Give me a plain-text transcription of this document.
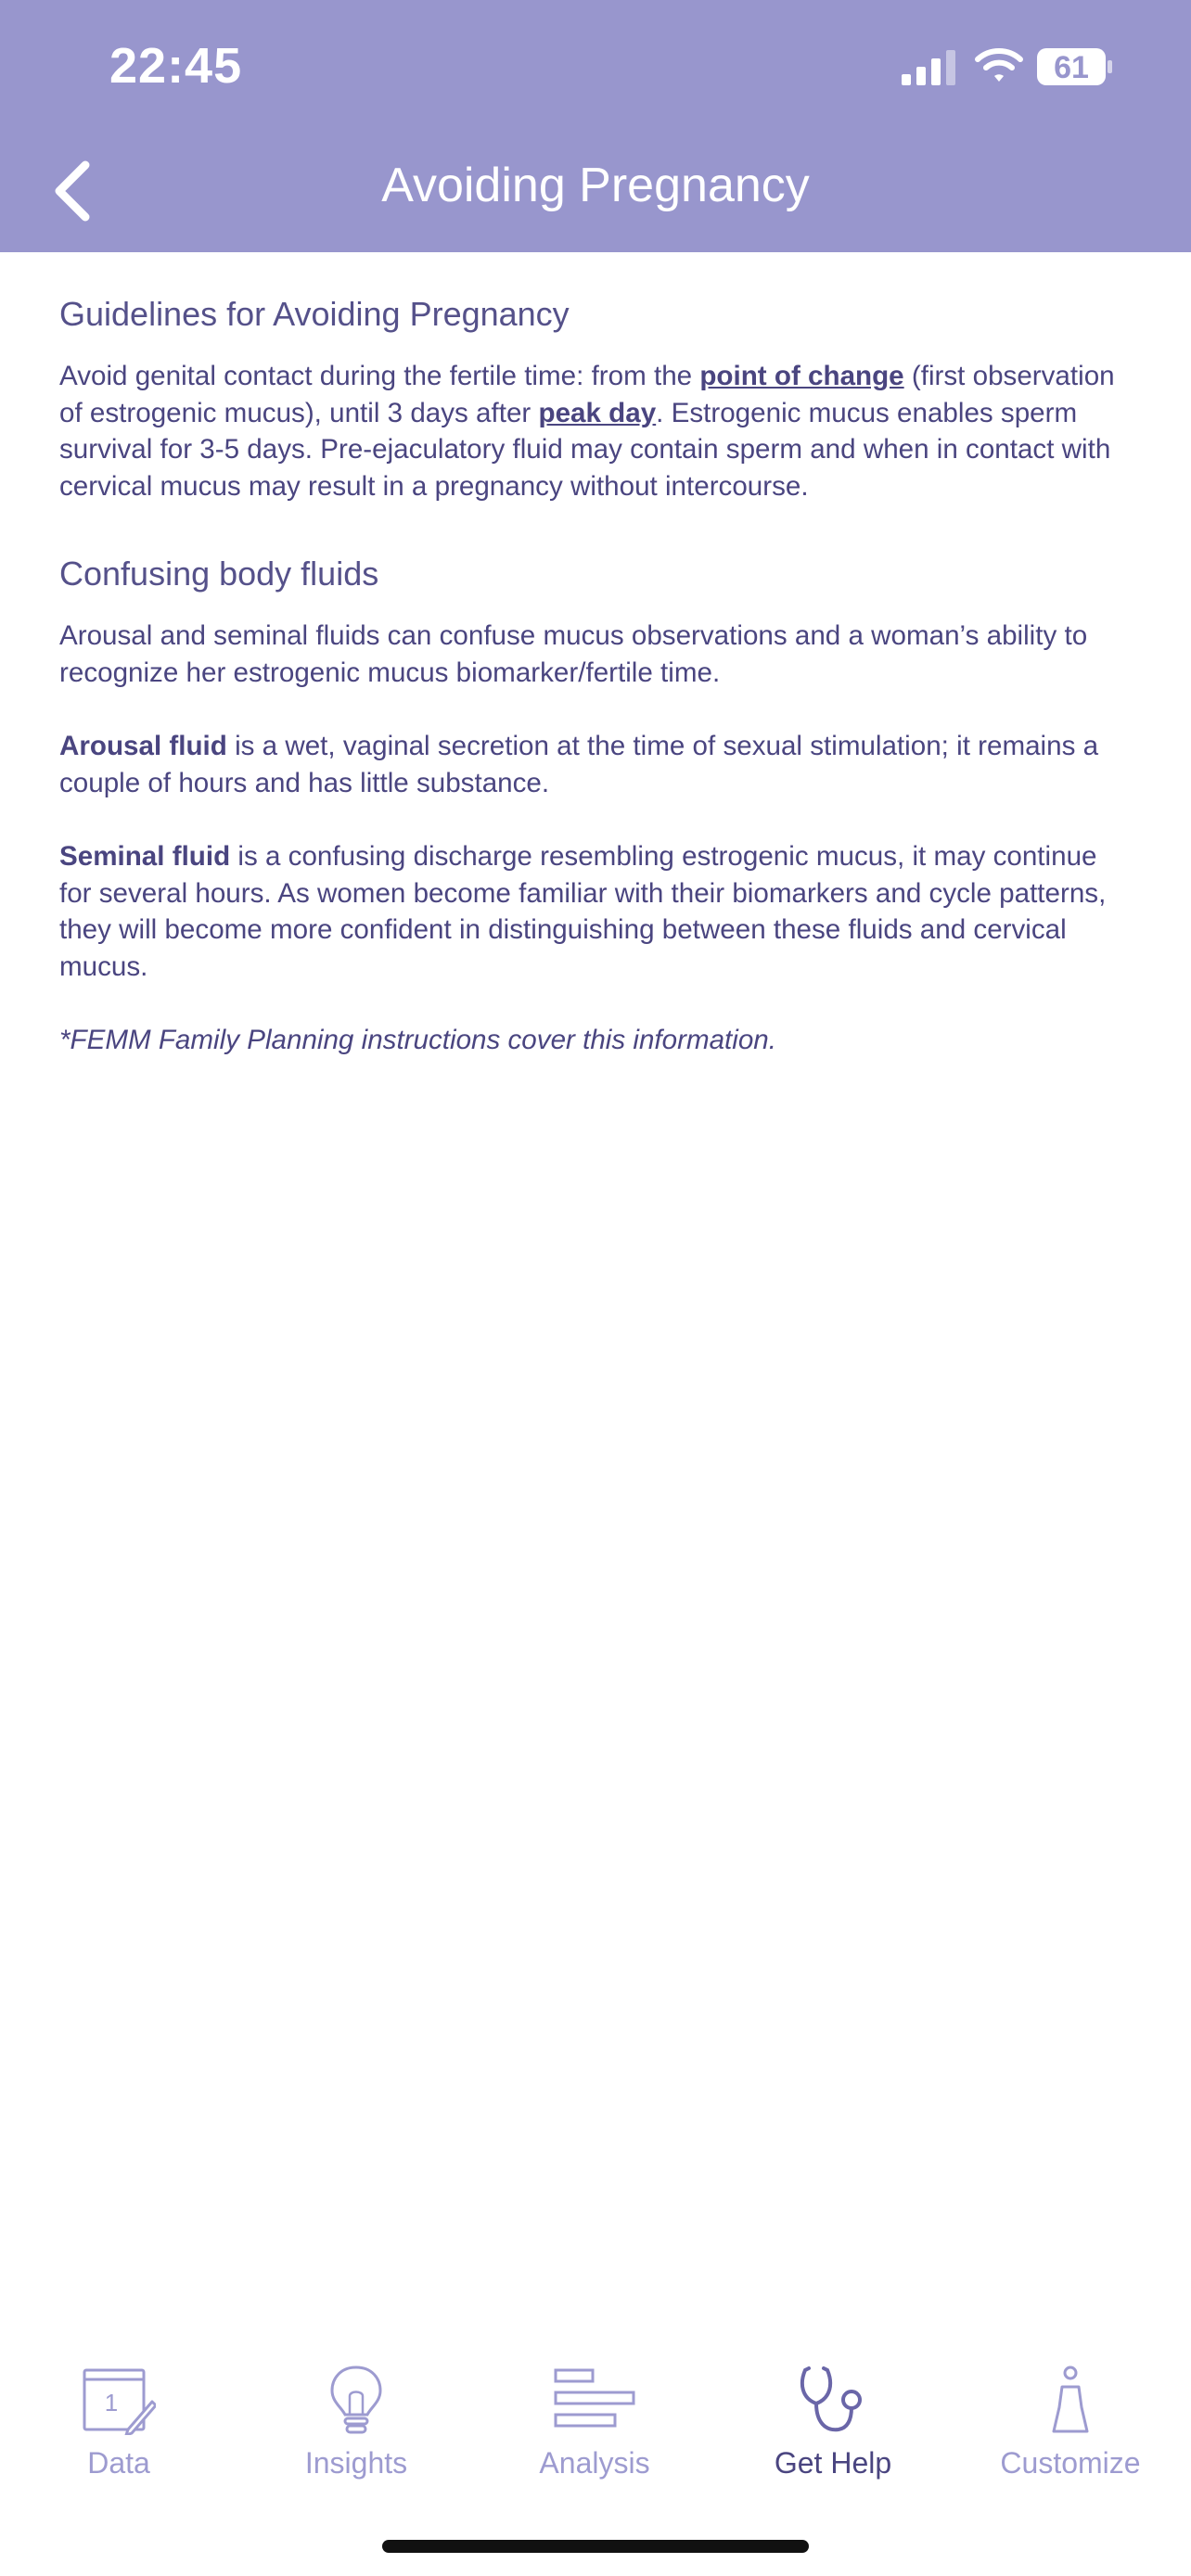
22:45	61
Avoiding Pregnancy
Guidelines for Avoiding Pregnancy

Avoid genital contact during the fertile time: from the point of change (first observation of estrogenic mucus), until 3 days after peak day. Estrogenic mucus enables sperm survival for 3-5 days. Pre-ejaculatory fluid may contain sperm and when in contact with cervical mucus may result in a pregnancy without intercourse.

Confusing body fluids

Arousal and seminal fluids can confuse mucus observations and a woman’s ability to recognize her estrogenic mucus biomarker/fertile time.

Arousal fluid is a wet, vaginal secretion at the time of sexual stimulation; it remains a couple of hours and has little substance.

Seminal fluid is a confusing discharge resembling estrogenic mucus, it may continue for several hours. As women become familiar with their biomarkers and cycle patterns, they will become more confident in distinguishing between these fluids and cervical mucus.

*FEMM Family Planning instructions cover this information.

1
Data	Insights	Analysis	Get Help	Customize
